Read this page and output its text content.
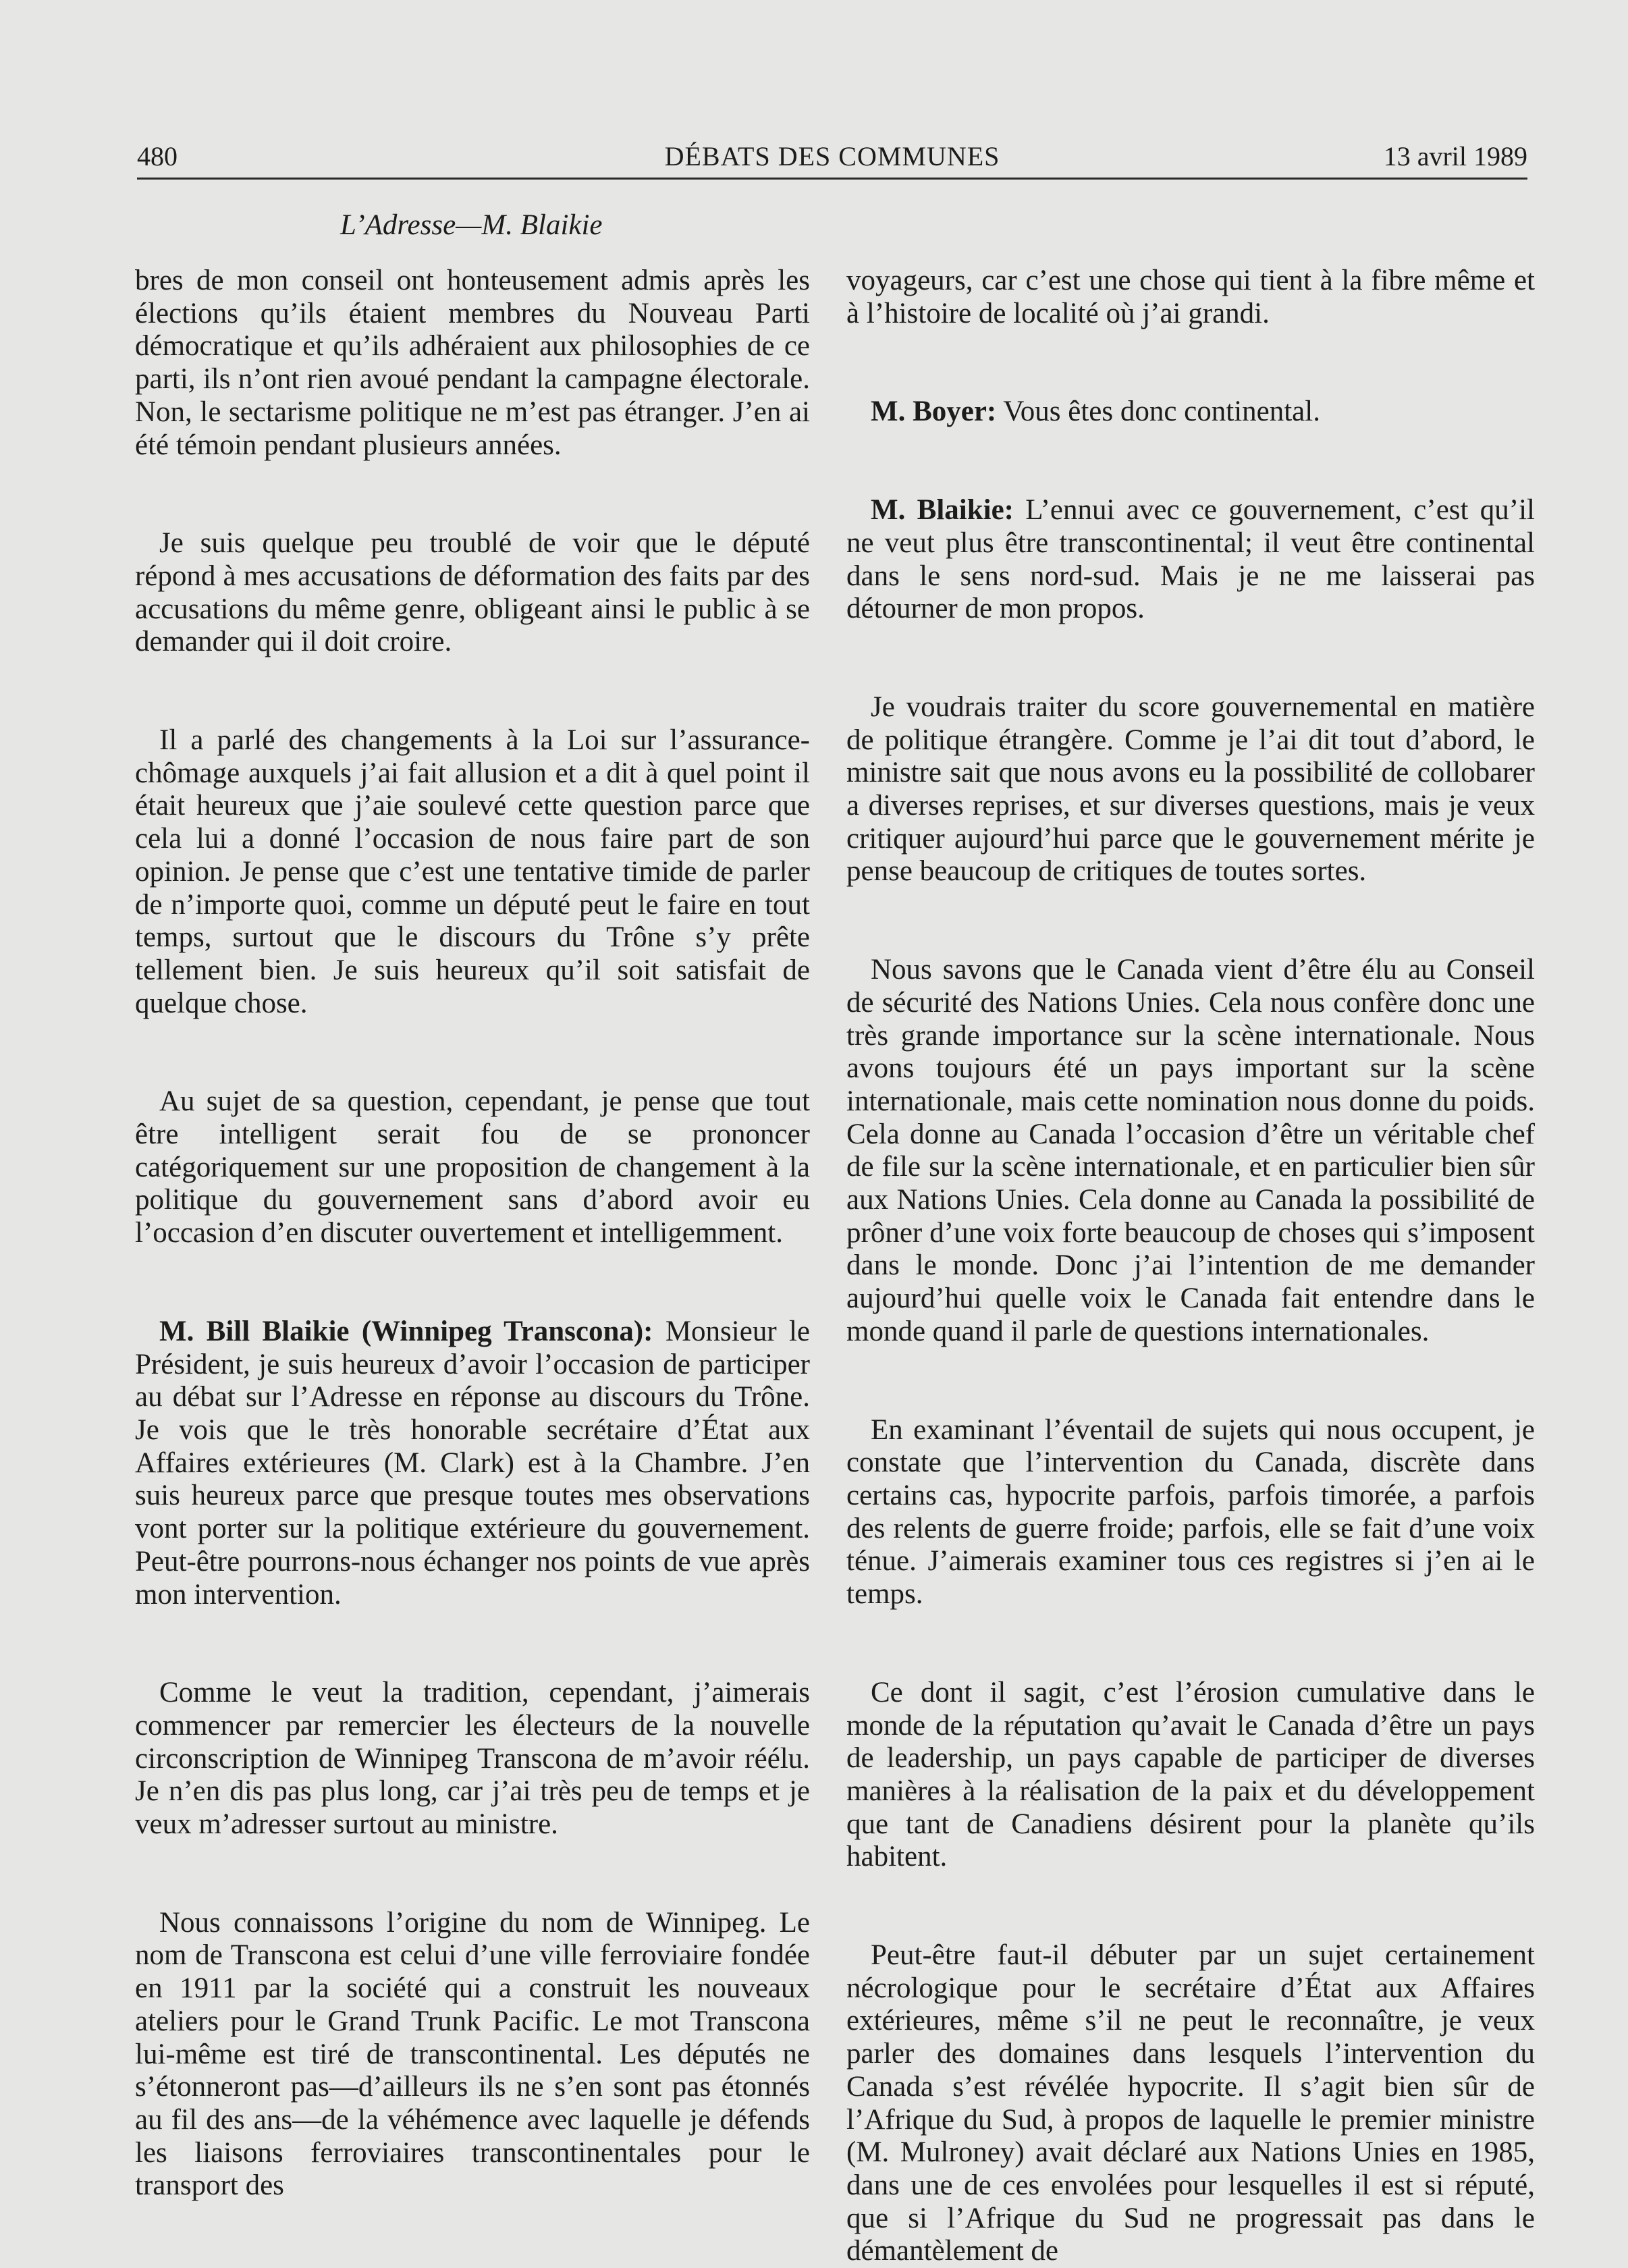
480	DÉBATS DES COMMUNES	13 avril 1989
L’Adresse—M. Blaikie

bres de mon conseil ont honteusement admis après les élections qu’ils étaient membres du Nouveau Parti démocratique et qu’ils adhéraient aux philosophies de ce parti, ils n’ont rien avoué pendant la campagne électorale. Non, le sectarisme politique ne m’est pas étranger. J’en ai été témoin pendant plusieurs années.

Je suis quelque peu troublé de voir que le député répond à mes accusations de déformation des faits par des accusations du même genre, obligeant ainsi le public à se demander qui il doit croire.

Il a parlé des changements à la Loi sur l’assurance-chômage auxquels j’ai fait allusion et a dit à quel point il était heureux que j’aie soulevé cette question parce que cela lui a donné l’occasion de nous faire part de son opinion. Je pense que c’est une tentative timide de parler de n’importe quoi, comme un député peut le faire en tout temps, surtout que le discours du Trône s’y prête tellement bien. Je suis heureux qu’il soit satisfait de quelque chose.

Au sujet de sa question, cependant, je pense que tout être intelligent serait fou de se prononcer catégoriquement sur une proposition de changement à la politique du gouvernement sans d’abord avoir eu l’occasion d’en discuter ouvertement et intelligemment.

M. Bill Blaikie (Winnipeg Transcona): Monsieur le Président, je suis heureux d’avoir l’occasion de participer au débat sur l’Adresse en réponse au discours du Trône. Je vois que le très honorable secrétaire d’État aux Affaires extérieures (M. Clark) est à la Chambre. J’en suis heureux parce que presque toutes mes observations vont porter sur la politique extérieure du gouvernement. Peut-être pourrons-nous échanger nos points de vue après mon intervention.

Comme le veut la tradition, cependant, j’aimerais commencer par remercier les électeurs de la nouvelle circonscription de Winnipeg Transcona de m’avoir réélu. Je n’en dis pas plus long, car j’ai très peu de temps et je veux m’adresser surtout au ministre.

Nous connaissons l’origine du nom de Winnipeg. Le nom de Transcona est celui d’une ville ferroviaire fondée en 1911 par la société qui a construit les nouveaux ateliers pour le Grand Trunk Pacific. Le mot Transcona lui-même est tiré de transcontinental. Les députés ne s’étonneront pas—d’ailleurs ils ne s’en sont pas étonnés au fil des ans—de la véhémence avec laquelle je défends les liaisons ferroviaires transcontinentales pour le transport des

voyageurs, car c’est une chose qui tient à la fibre même et à l’histoire de localité où j’ai grandi.

M. Boyer: Vous êtes donc continental.

M. Blaikie: L’ennui avec ce gouvernement, c’est qu’il ne veut plus être transcontinental; il veut être continental dans le sens nord-sud. Mais je ne me laisserai pas détourner de mon propos.

Je voudrais traiter du score gouvernemental en matière de politique étrangère. Comme je l’ai dit tout d’abord, le ministre sait que nous avons eu la possibilité de collobarer a diverses reprises, et sur diverses questions, mais je veux critiquer aujourd’hui parce que le gouvernement mérite je pense beaucoup de critiques de toutes sortes.

Nous savons que le Canada vient d’être élu au Conseil de sécurité des Nations Unies. Cela nous confère donc une très grande importance sur la scène internationale. Nous avons toujours été un pays important sur la scène internationale, mais cette nomination nous donne du poids. Cela donne au Canada l’occasion d’être un véritable chef de file sur la scène internationale, et en particulier bien sûr aux Nations Unies. Cela donne au Canada la possibilité de prôner d’une voix forte beaucoup de choses qui s’imposent dans le monde. Donc j’ai l’intention de me demander aujourd’hui quelle voix le Canada fait entendre dans le monde quand il parle de questions internationales.

En examinant l’éventail de sujets qui nous occupent, je constate que l’intervention du Canada, discrète dans certains cas, hypocrite parfois, parfois timorée, a parfois des relents de guerre froide; parfois, elle se fait d’une voix ténue. J’aimerais examiner tous ces registres si j’en ai le temps.

Ce dont il sagit, c’est l’érosion cumulative dans le monde de la réputation qu’avait le Canada d’être un pays de leadership, un pays capable de participer de diverses manières à la réalisation de la paix et du développement que tant de Canadiens désirent pour la planète qu’ils habitent.

Peut-être faut-il débuter par un sujet certainement nécrologique pour le secrétaire d’État aux Affaires extérieures, même s’il ne peut le reconnaître, je veux parler des domaines dans lesquels l’intervention du Canada s’est révélée hypocrite. Il s’agit bien sûr de l’Afrique du Sud, à propos de laquelle le premier ministre (M. Mulroney) avait déclaré aux Nations Unies en 1985, dans une de ces envolées pour lesquelles il est si réputé, que si l’Afrique du Sud ne progressait pas dans le démantèlement de
